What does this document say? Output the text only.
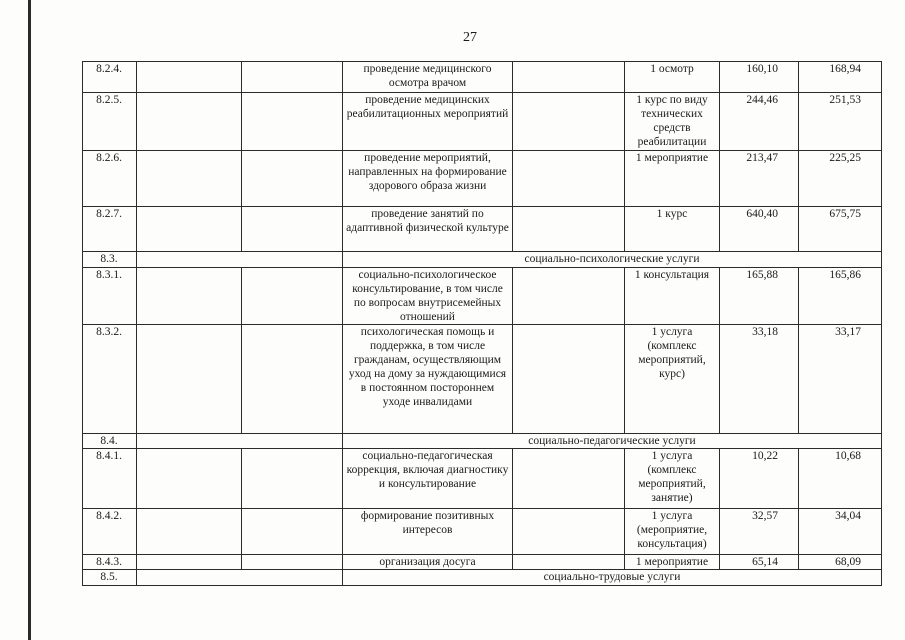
27
8.2.4.			проведение медицинского осмотра врачом		1 осмотр	160,10	168,94
8.2.5.			проведение медицинских реабилитационных мероприятий		1 курс по виду технических средств реабилитации	244,46	251,53
8.2.6.			проведение мероприятий, направленных на формирование здорового образа жизни		1 мероприятие	213,47	225,25
8.2.7.			проведение занятий по адаптивной физической культуре		1 курс	640,40	675,75
8.3.			социально-психологические услуги				
8.3.1.			социально-психологическое консультирование, в том числе по вопросам внутрисемейных отношений		1 консультация	165,88	165,86
8.3.2.			психологическая помощь и поддержка, в том числе гражданам, осуществляющим уход на дому за нуждающимися в постоянном постороннем уходе инвалидами		1 услуга (комплекс мероприятий, курс)	33,18	33,17
8.4.			социально-педагогические услуги				
8.4.1.			социально-педагогическая коррекция, включая диагностику и консультирование		1 услуга (комплекс мероприятий, занятие)	10,22	10,68
8.4.2.			формирование позитивных интересов		1 услуга (мероприятие, консультация)	32,57	34,04
8.4.3.			организация досуга		1 мероприятие	65,14	68,09
8.5.			социально-трудовые услуги				
